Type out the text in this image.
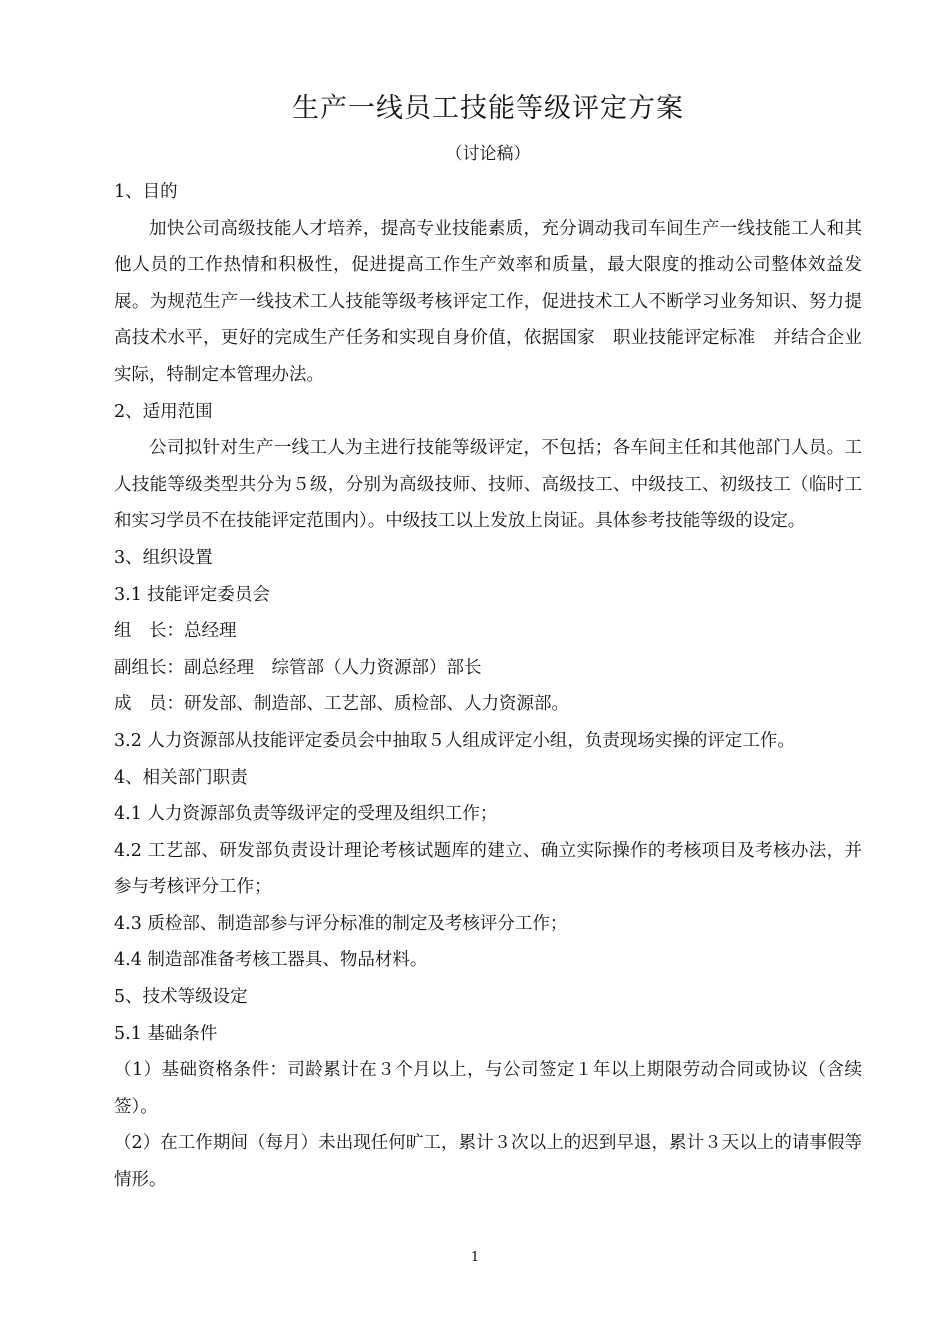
生产一线员工技能等级评定方案

（讨论稿）

1、目的

加快公司高级技能人才培养，提高专业技能素质，充分调动我司车间生产一线技能工人和其他人员的工作热情和积极性，促进提高工作生产效率和质量，最大限度的推动公司整体效益发展。为规范生产一线技术工人技能等级考核评定工作，促进技术工人不断学习业务知识、努力提高技术水平，更好的完成生产任务和实现自身价值，依据国家　职业技能评定标准　并结合企业实际，特制定本管理办法。

2、适用范围

公司拟针对生产一线工人为主进行技能等级评定，不包括；各车间主任和其他部门人员。工人技能等级类型共分为５级，分别为高级技师、技师、高级技工、中级技工、初级技工（临时工和实习学员不在技能评定范围内）。中级技工以上发放上岗证。具体参考技能等级的设定。

3、组织设置

3.1 技能评定委员会

组　长：总经理

副组长：副总经理　综管部（人力资源部）部长

成　员：研发部、制造部、工艺部、质检部、人力资源部。

3.2 人力资源部从技能评定委员会中抽取５人组成评定小组，负责现场实操的评定工作。

4、相关部门职责

4.1 人力资源部负责等级评定的受理及组织工作；

4.2 工艺部、研发部负责设计理论考核试题库的建立、确立实际操作的考核项目及考核办法，并参与考核评分工作；

4.3 质检部、制造部参与评分标准的制定及考核评分工作；

4.4 制造部准备考核工器具、物品材料。

5、技术等级设定

5.1 基础条件

（1）基础资格条件：司龄累计在３个月以上，与公司签定１年以上期限劳动合同或协议（含续签）。

（2）在工作期间（每月）未出现任何旷工，累计３次以上的迟到早退，累计３天以上的请事假等情形。

1
